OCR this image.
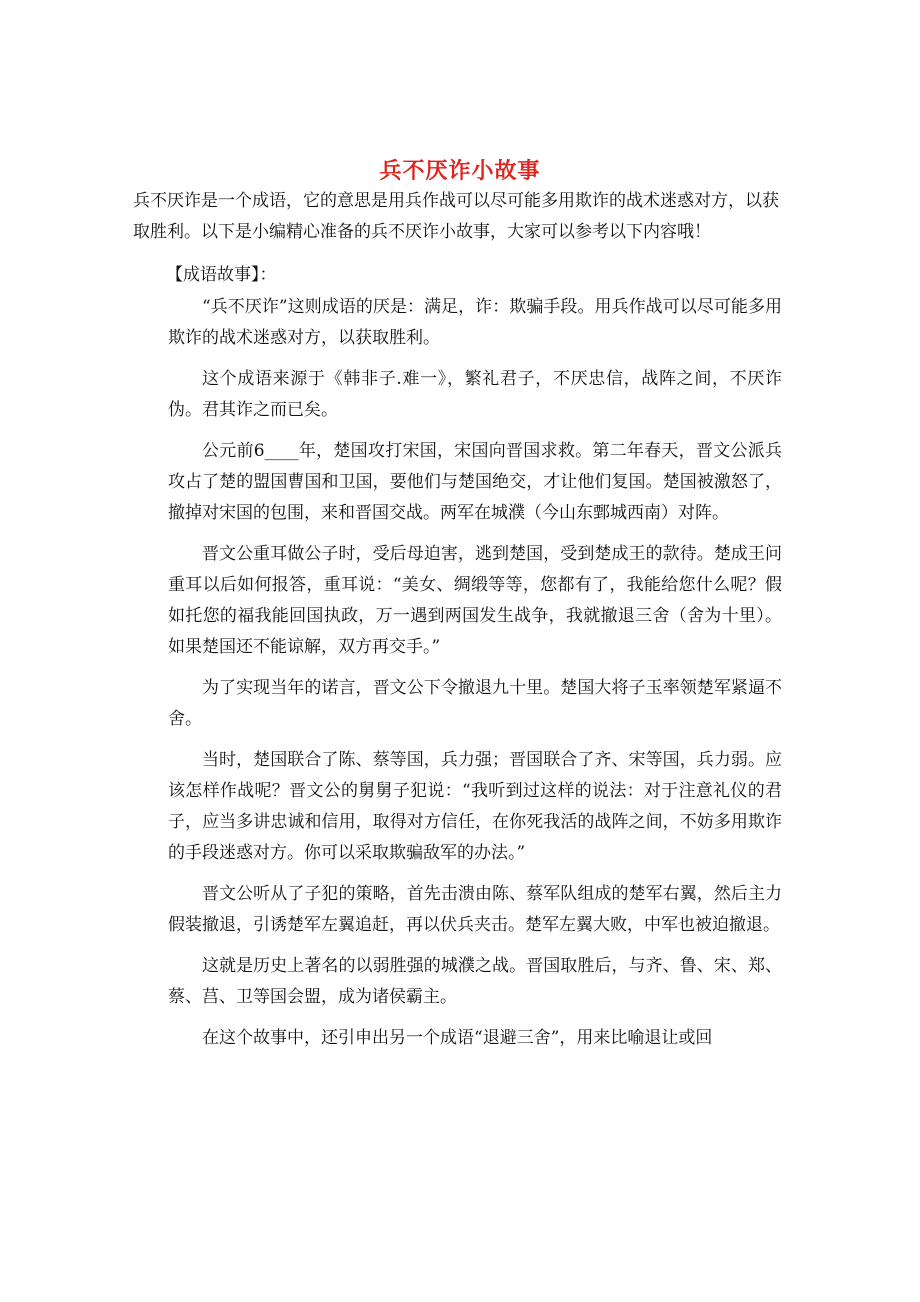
兵不厌诈小故事

兵不厌诈是一个成语，它的意思是用兵作战可以尽可能多用欺诈的战术迷惑对方，以获取胜利。以下是小编精心准备的兵不厌诈小故事，大家可以参考以下内容哦！

【成语故事】：

“兵不厌诈”这则成语的厌是：满足，诈：欺骗手段。用兵作战可以尽可能多用欺诈的战术迷惑对方，以获取胜利。

这个成语来源于《韩非子.难一》，繁礼君子，不厌忠信，战阵之间，不厌诈伪。君其诈之而已矣。

公元前6____年，楚国攻打宋国，宋国向晋国求救。第二年春天，晋文公派兵攻占了楚的盟国曹国和卫国，要他们与楚国绝交，才让他们复国。楚国被激怒了，撤掉对宋国的包围，来和晋国交战。两军在城濮（今山东鄄城西南）对阵。

晋文公重耳做公子时，受后母迫害，逃到楚国，受到楚成王的款待。楚成王问重耳以后如何报答，重耳说：“美女、绸缎等等，您都有了，我能给您什么呢？假如托您的福我能回国执政，万一遇到两国发生战争，我就撤退三舍（舍为十里）。如果楚国还不能谅解，双方再交手。”

为了实现当年的诺言，晋文公下令撤退九十里。楚国大将子玉率领楚军紧逼不舍。

当时，楚国联合了陈、蔡等国，兵力强；晋国联合了齐、宋等国，兵力弱。应该怎样作战呢？晋文公的舅舅子犯说：“我听到过这样的说法：对于注意礼仪的君子，应当多讲忠诚和信用，取得对方信任，在你死我活的战阵之间，不妨多用欺诈的手段迷惑对方。你可以采取欺骗敌军的办法。”

晋文公听从了子犯的策略，首先击溃由陈、蔡军队组成的楚军右翼，然后主力假装撤退，引诱楚军左翼追赶，再以伏兵夹击。楚军左翼大败，中军也被迫撤退。

这就是历史上著名的以弱胜强的城濮之战。晋国取胜后，与齐、鲁、宋、郑、蔡、莒、卫等国会盟，成为诸侯霸主。

在这个故事中，还引申出另一个成语“退避三舍”，用来比喻退让或回
